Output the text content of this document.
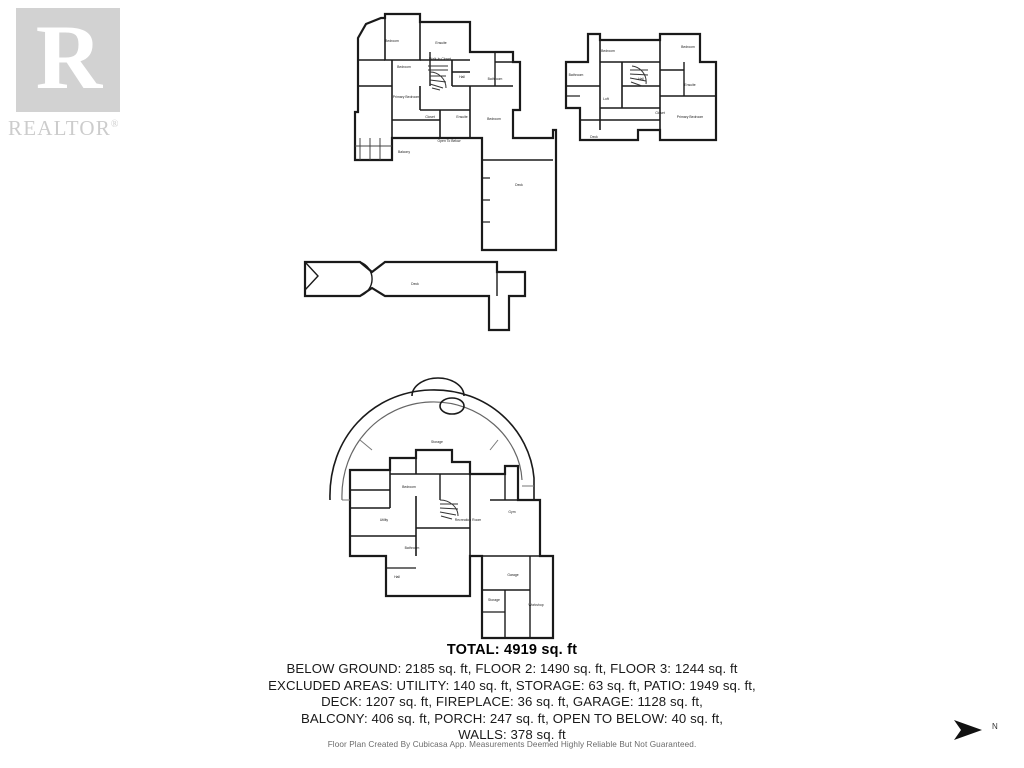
R
REALTOR®
Bedroom	Ensuite
Walk-In Closet
Bedroom
Hall	Bathroom
Primary Bedroom
Closet	Ensuite	Bedroom
Balcony
Open To Below
Deck
Bedroom
Bedroom
Bathroom
Hall
Ensuite
Loft
Closet
Primary Bedroom
Deck
Deck
Storage
Bedroom
Utility
Bathroom
Recreation Room
Gym
Hall	Garage
Storage
Workshop
TOTAL: 4919 sq. ft
BELOW GROUND: 2185 sq. ft, FLOOR 2: 1490 sq. ft, FLOOR 3: 1244 sq. ft
EXCLUDED AREAS: UTILITY: 140 sq. ft, STORAGE: 63 sq. ft, PATIO: 1949 sq. ft,
DECK: 1207 sq. ft, FIREPLACE: 36 sq. ft, GARAGE: 1128 sq. ft,
BALCONY: 406 sq. ft, PORCH: 247 sq. ft, OPEN TO BELOW: 40 sq. ft,
WALLS: 378 sq. ft
Floor Plan Created By Cubicasa App. Measurements Deemed Highly Reliable But Not Guaranteed.
N
